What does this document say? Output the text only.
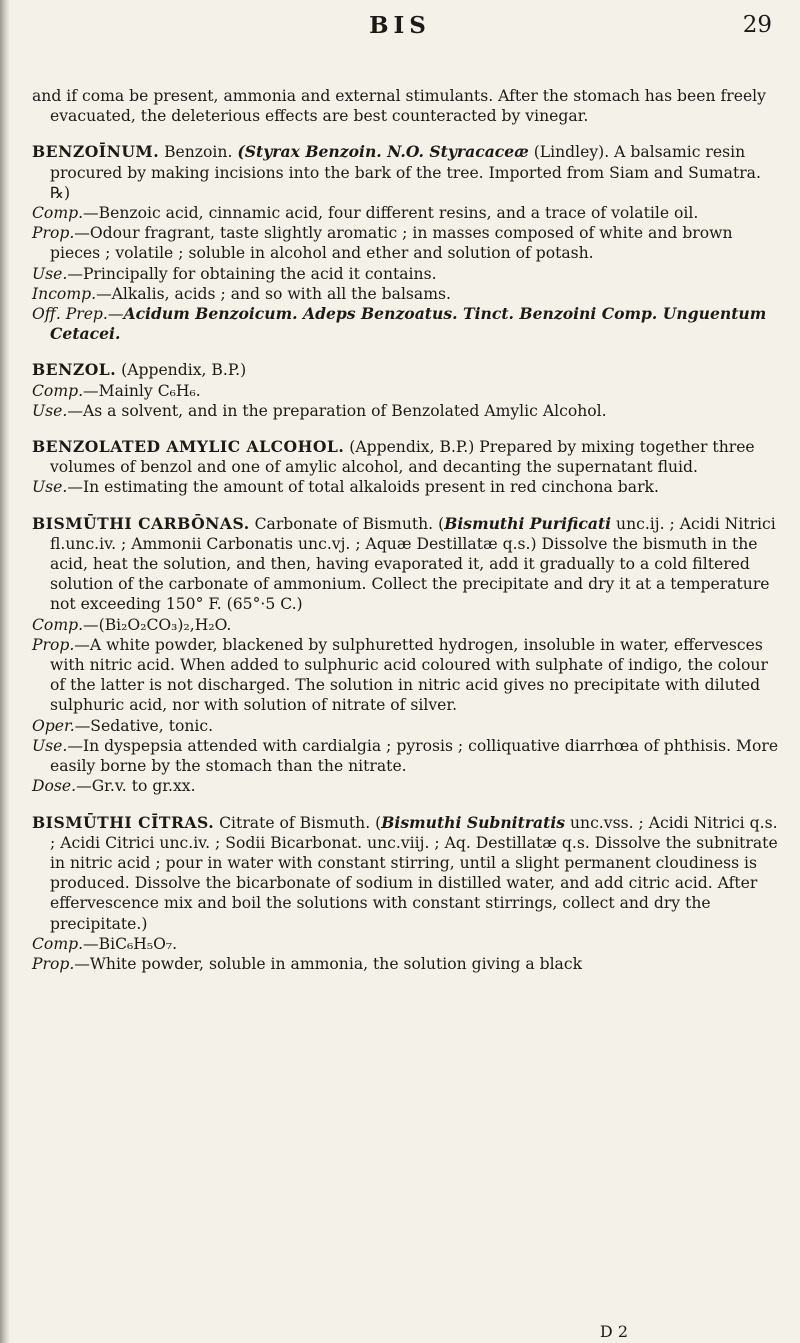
BIS	29

and if coma be present, ammonia and external stimulants. After the stomach has been freely evacuated, the deleterious effects are best counteracted by vinegar.

BENZOĪNUM. Benzoin. (Styrax Benzoin. N.O. Styracaceæ (Lindley). A balsamic resin procured by making incisions into the bark of the tree. Imported from Siam and Sumatra. ℞)

Comp.—Benzoic acid, cinnamic acid, four different resins, and a trace of volatile oil.

Prop.—Odour fragrant, taste slightly aromatic ; in masses composed of white and brown pieces ; volatile ; soluble in alcohol and ether and solution of potash.

Use.—Principally for obtaining the acid it contains.

Incomp.—Alkalis, acids ; and so with all the balsams.

Off. Prep.—Acidum Benzoicum. Adeps Benzoatus. Tinct. Benzoini Comp. Unguentum Cetacei.

BENZOL. (Appendix, B.P.)

Comp.—Mainly C₆H₆.

Use.—As a solvent, and in the preparation of Benzolated Amylic Alcohol.

BENZOLATED AMYLIC ALCOHOL. (Appendix, B.P.) Prepared by mixing together three volumes of benzol and one of amylic alcohol, and decanting the supernatant fluid.

Use.—In estimating the amount of total alkaloids present in red cinchona bark.

BISMŪTHI CARBŌNAS. Carbonate of Bismuth. (Bismuthi Purificati unc.ij. ; Acidi Nitrici fl.unc.iv. ; Ammonii Carbonatis unc.vj. ; Aquæ Destillatæ q.s.) Dissolve the bismuth in the acid, heat the solution, and then, having evaporated it, add it gradually to a cold filtered solution of the carbonate of ammonium. Collect the precipitate and dry it at a temperature not exceeding 150° F. (65°·5 C.)

Comp.—(Bi₂O₂CO₃)₂,H₂O.

Prop.—A white powder, blackened by sulphuretted hydrogen, insoluble in water, effervesces with nitric acid. When added to sulphuric acid coloured with sulphate of indigo, the colour of the latter is not discharged. The solution in nitric acid gives no precipitate with diluted sulphuric acid, nor with solution of nitrate of silver.

Oper.—Sedative, tonic.

Use.—In dyspepsia attended with cardialgia ; pyrosis ; colliquative diarrhœa of phthisis. More easily borne by the stomach than the nitrate.

Dose.—Gr.v. to gr.xx.

BISMŪTHI CĪTRAS. Citrate of Bismuth. (Bismuthi Subnitratis unc.vss. ; Acidi Nitrici q.s. ; Acidi Citrici unc.iv. ; Sodii Bicarbonat. unc.viij. ; Aq. Destillatæ q.s. Dissolve the subnitrate in nitric acid ; pour in water with constant stirring, until a slight permanent cloudiness is produced. Dissolve the bicarbonate of sodium in distilled water, and add citric acid. After effervescence mix and boil the solutions with constant stirrings, collect and dry the precipitate.)

Comp.—BiC₆H₅O₇.

Prop.—White powder, soluble in ammonia, the solution giving a black

D 2
